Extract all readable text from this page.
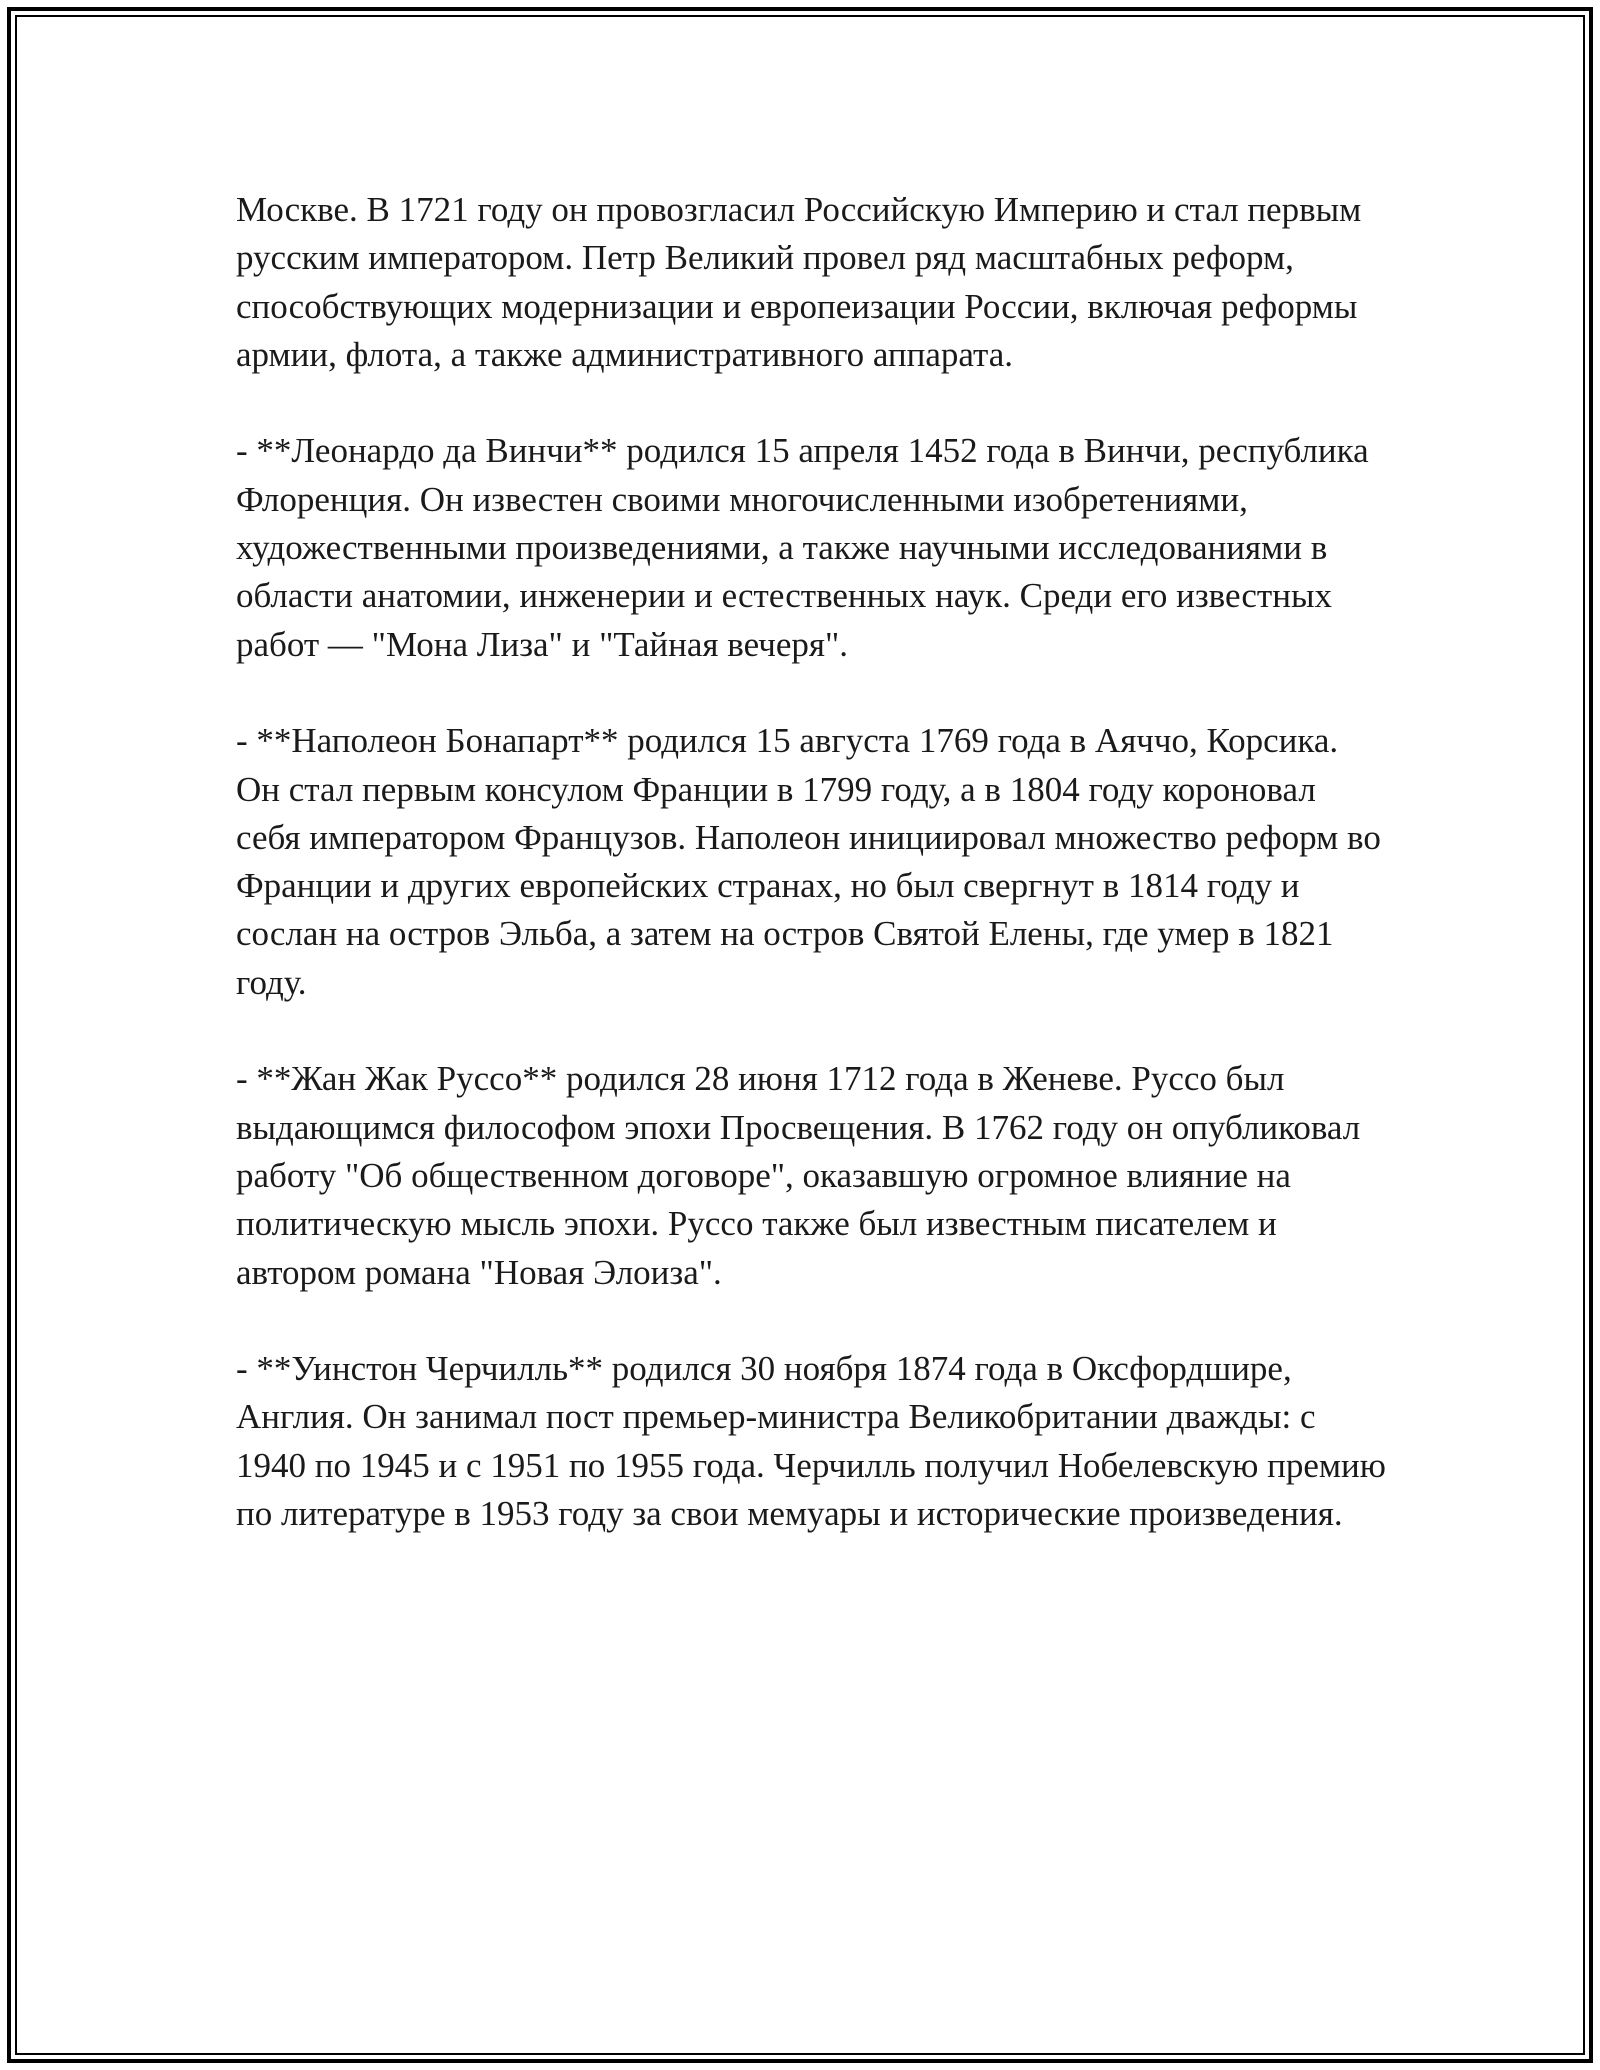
Москве. В 1721 году он провозгласил Российскую Империю и стал первым русским императором. Петр Великий провел ряд масштабных реформ, способствующих модернизации и европеизации России, включая реформы армии, флота, а также административного аппарата.

- **Леонардо да Винчи** родился 15 апреля 1452 года в Винчи, республика Флоренция. Он известен своими многочисленными изобретениями, художественными произведениями, а также научными исследованиями в области анатомии, инженерии и естественных наук. Среди его известных работ — "Мона Лиза" и "Тайная вечеря".

- **Наполеон Бонапарт** родился 15 августа 1769 года в Аяччо, Корсика. Он стал первым консулом Франции в 1799 году, а в 1804 году короновал себя императором Французов. Наполеон инициировал множество реформ во Франции и других европейских странах, но был свергнут в 1814 году и сослан на остров Эльба, а затем на остров Святой Елены, где умер в 1821 году.

- **Жан Жак Руссо** родился 28 июня 1712 года в Женеве. Руссо был выдающимся философом эпохи Просвещения. В 1762 году он опубликовал работу "Об общественном договоре", оказавшую огромное влияние на политическую мысль эпохи. Руссо также был известным писателем и автором романа "Новая Элоиза".

- **Уинстон Черчилль** родился 30 ноября 1874 года в Оксфордшире, Англия. Он занимал пост премьер-министра Великобритании дважды: с 1940 по 1945 и с 1951 по 1955 года. Черчилль получил Нобелевскую премию по литературе в 1953 году за свои мемуары и исторические произведения.
